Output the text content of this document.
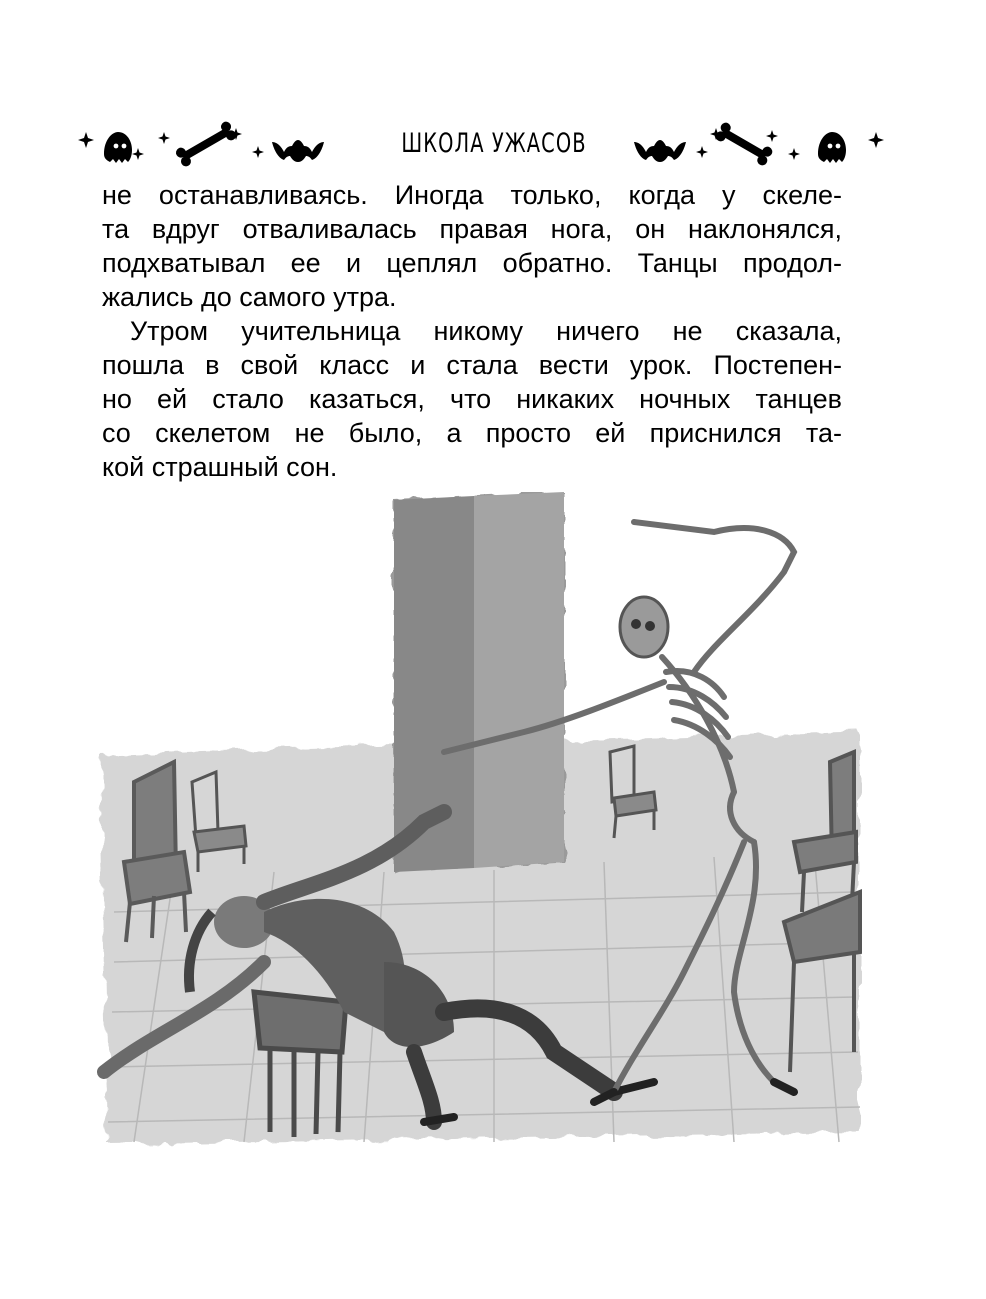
ШКОЛА УЖАСОВ
не останавливаясь. Иногда только, когда у скеле-
та вдруг отваливалась правая нога, он наклонялся,
подхватывал ее и цеплял обратно. Танцы продол-
жались до самого утра.
Утром учительница никому ничего не сказала,
пошла в свой класс и стала вести урок. Постепен-
но ей стало казаться, что никаких ночных танцев
со скелетом не было, а просто ей приснился та-
кой страшный сон.
